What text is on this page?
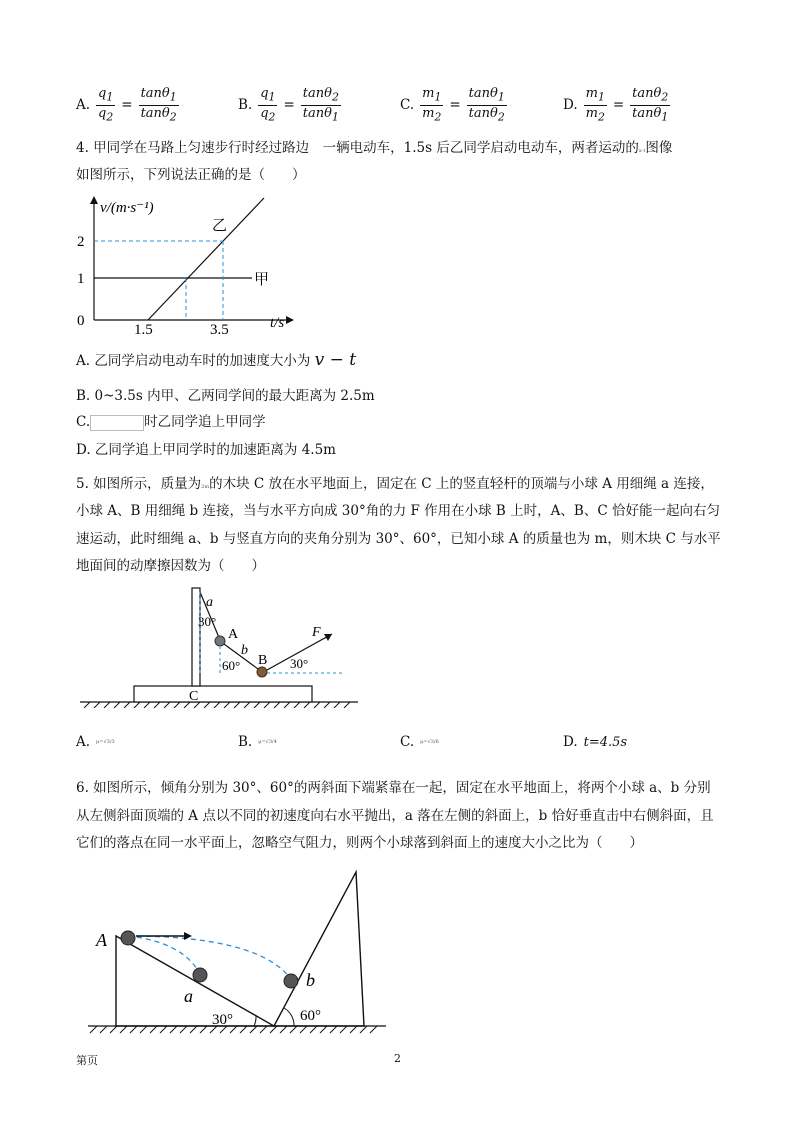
A. $\frac{q_1}{q_2} = \frac{\tan\theta_1}{\tan\theta_2}$	B. $\frac{q_1}{q_2} = \frac{\tan\theta_2}{\tan\theta_1}$	C. $\frac{m_1}{m_2} = \frac{\tan\theta_1}{\tan\theta_2}$	D. $\frac{m_1}{m_2} = \frac{\tan\theta_2}{\tan\theta_1}$
4. 甲同学在马路上匀速步行时经过路边　一辆电动车，1.5s 后乙同学启动电动车，两者运动的x‑t图像
如图所示，下列说法正确的是（　　）
v/(m·s⁻¹)
2
1
0
1.5	3.5	t/s
乙
甲
A. 乙同学启动电动车时的加速度大小为 v − t
B. 0~3.5s 内甲、乙两同学间的最大距离为 2.5m
C.	时乙同学追上甲同学
D. 乙同学追上甲同学时的加速距离为 4.5m
5. 如图所示，质量为2m的木块 C 放在水平地面上，固定在 C 上的竖直轻杆的顶端与小球 A 用细绳 a 连接，
小球 A、B 用细绳 b 连接，当与水平方向成 30°角的力 F 作用在小球 B 上时，A、B、C 恰好能一起向右匀
速运动，此时细绳 a、b 与竖直方向的夹角分别为 30°、60°，已知小球 A 的质量也为 m，则木块 C 与水平
地面间的动摩擦因数为（　　）
C
a
30°
A
b
60° B
F
30°
A. μ=√3/3	B. μ=√3/4	C. μ=√3/6	D. t=4.5s
6. 如图所示，倾角分别为 30°、60°的两斜面下端紧靠在一起，固定在水平地面上，将两个小球 a、b 分别
从左侧斜面顶端的 A 点以不同的初速度向右水平抛出，a 落在左侧的斜面上，b 恰好垂直击中右侧斜面，且
它们的落点在同一水平面上，忽略空气阻力，则两个小球落到斜面上的速度大小之比为（　　）
A
a
b
30°	60°
第页	2
